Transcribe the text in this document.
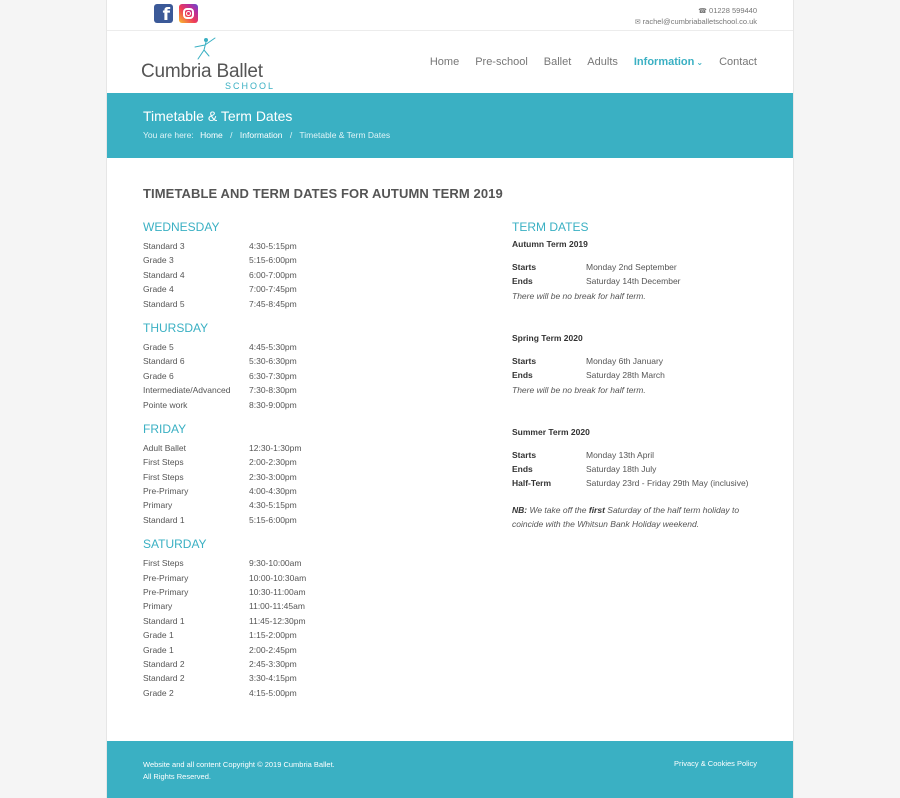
f	☎ 01228 599440
✉ rachel@cumbriaballetschool.co.uk
Cumbria Ballet
SCHOOL
Home Pre-school Ballet Adults Information ⌄ Contact
Timetable & Term Dates
You are here: Home / Information / Timetable & Term Dates
TIMETABLE AND TERM DATES FOR AUTUMN TERM 2019
WEDNESDAY
Standard 3	4:30-5:15pm
Grade 3	5:15-6:00pm
Standard 4	6:00-7:00pm
Grade 4	7:00-7:45pm
Standard 5	7:45-8:45pm
THURSDAY
Grade 5	4:45-5:30pm
Standard 6	5:30-6:30pm
Grade 6	6:30-7:30pm
Intermediate/Advanced	7:30-8:30pm
Pointe work	8:30-9:00pm
FRIDAY
Adult Ballet	12:30-1:30pm
First Steps	2:00-2:30pm
First Steps	2:30-3:00pm
Pre-Primary	4:00-4:30pm
Primary	4:30-5:15pm
Standard 1	5:15-6:00pm
SATURDAY
First Steps	9:30-10:00am
Pre-Primary	10:00-10:30am
Pre-Primary	10:30-11:00am
Primary	11:00-11:45am
Standard 1	11:45-12:30pm
Grade 1	1:15-2:00pm
Grade 1	2:00-2:45pm
Standard 2	2:45-3:30pm
Standard 2	3:30-4:15pm
Grade 2	4:15-5:00pm
TERM DATES
Autumn Term 2019
Starts	Monday 2nd September
Ends	Saturday 14th December
There will be no break for half term.
Spring Term 2020
Starts	Monday 6th January
Ends	Saturday 28th March
There will be no break for half term.
Summer Term 2020
Starts	Monday 13th April
Ends	Saturday 18th July
Half-Term	Saturday 23rd - Friday 29th May (inclusive)
NB: We take off the first Saturday of the half term holiday to coincide with the Whitsun Bank Holiday weekend.
Website and all content Copyright © 2019 Cumbria Ballet.
All Rights Reserved.
Privacy & Cookies Policy
